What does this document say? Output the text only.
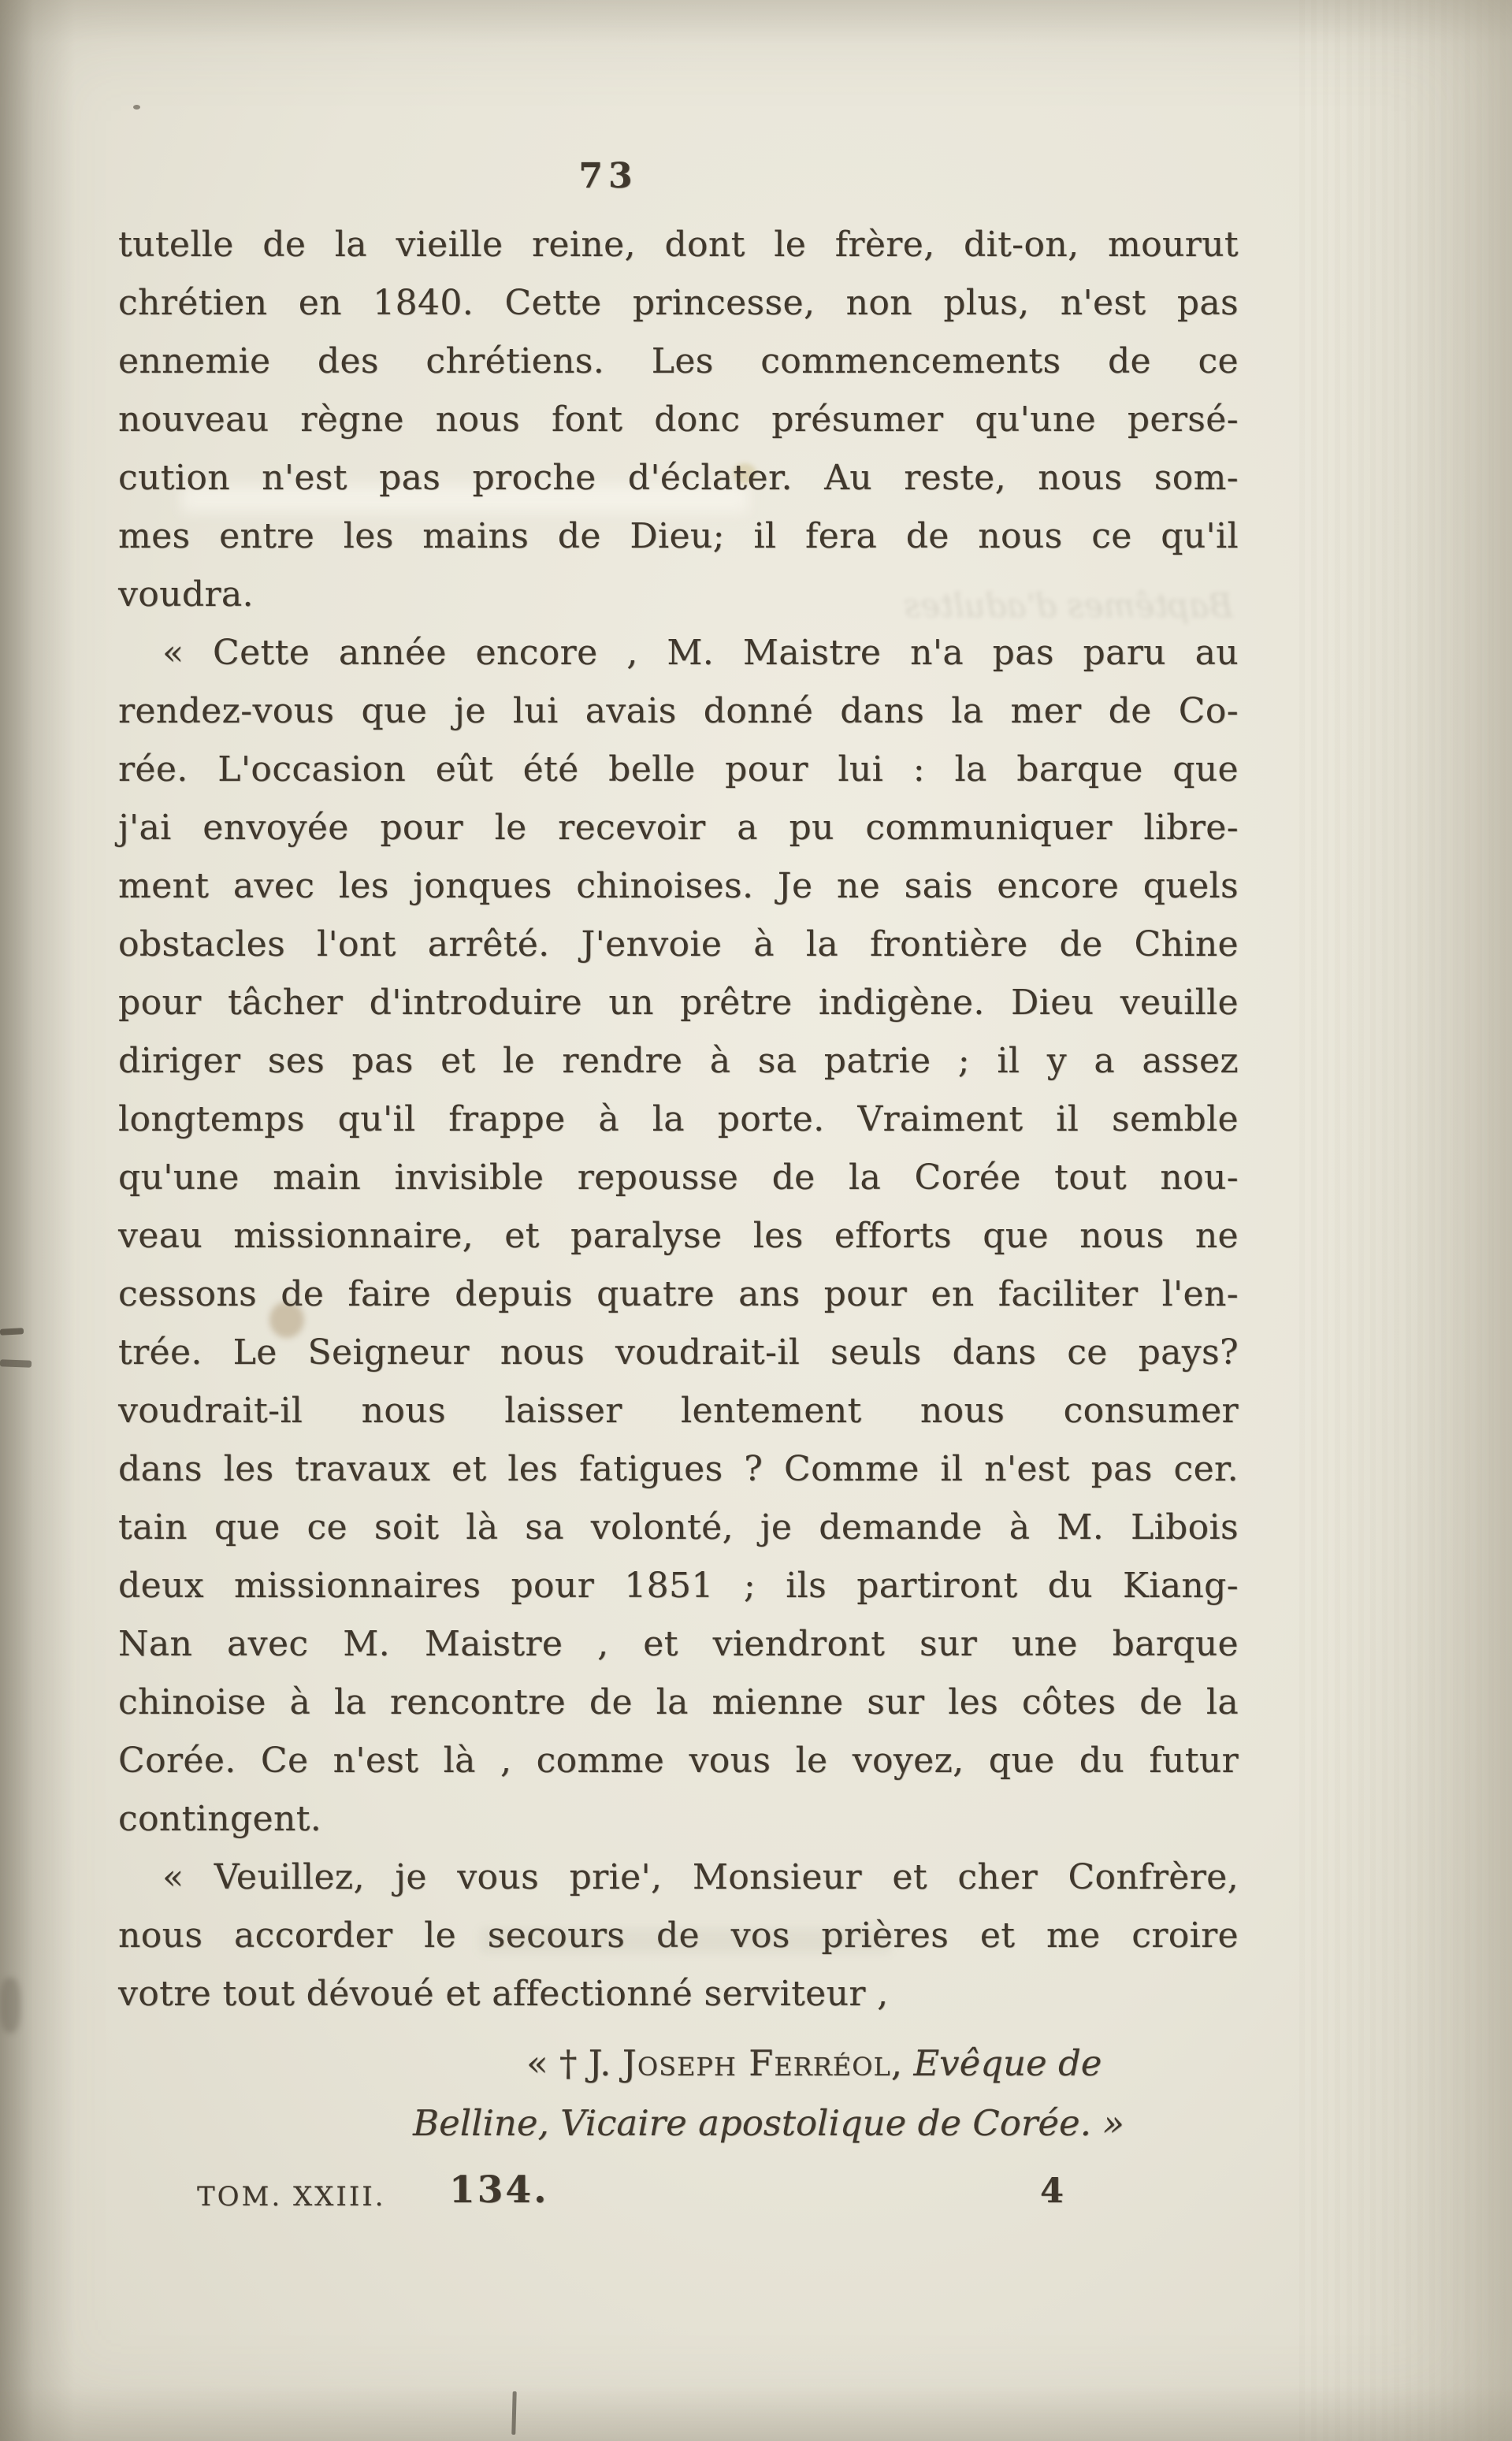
Baptêmes d'adultes
73
tutelle de la vieille reine, dont le frère, dit-on, mourut
chrétien en 1840. Cette princesse, non plus, n'est pas
ennemie des chrétiens. Les commencements de ce
nouveau règne nous font donc présumer qu'une persé-
cution n'est pas proche d'éclater. Au reste, nous som-
mes entre les mains de Dieu; il fera de nous ce qu'il
voudra.
« Cette année encore , M. Maistre n'a pas paru au
rendez-vous que je lui avais donné dans la mer de Co-
rée. L'occasion eût été belle pour lui : la barque que
j'ai envoyée pour le recevoir a pu communiquer libre-
ment avec les jonques chinoises. Je ne sais encore quels
obstacles l'ont arrêté. J'envoie à la frontière de Chine
pour tâcher d'introduire un prêtre indigène. Dieu veuille
diriger ses pas et le rendre à sa patrie ; il y a assez
longtemps qu'il frappe à la porte. Vraiment il semble
qu'une main invisible repousse de la Corée tout nou-
veau missionnaire, et paralyse les efforts que nous ne
cessons de faire depuis quatre ans pour en faciliter l'en-
trée. Le Seigneur nous voudrait-il seuls dans ce pays?
voudrait-il nous laisser lentement nous consumer
dans les travaux et les fatigues ? Comme il n'est pas cer.
tain que ce soit là sa volonté, je demande à M. Libois
deux missionnaires pour 1851 ; ils partiront du Kiang-
Nan avec M. Maistre , et viendront sur une barque
chinoise à la rencontre de la mienne sur les côtes de la
Corée. Ce n'est là , comme vous le voyez, que du futur
contingent.
« Veuillez, je vous prie', Monsieur et cher Confrère,
nous accorder le secours de vos prières et me croire
votre tout dévoué et affectionné serviteur ,
« † J. Joseph Ferréol, Evêque de
Belline, Vicaire apostolique de Corée. »
TOM. XXIII. 134.	4
